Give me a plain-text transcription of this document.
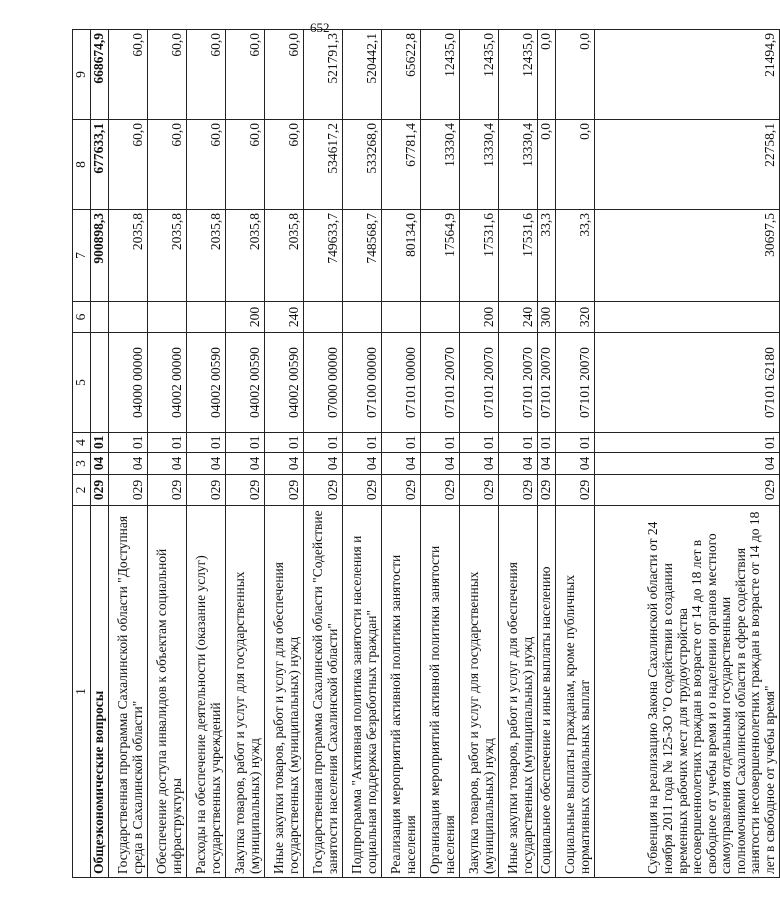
652
1	2	3	4	5	6	7	8	9
Общеэкономические вопросы	029	04	01			900898,3	677633,1	668674,9
Государственная программа Сахалинской области "Доступная среда в Сахалинской области"	029	04	01	04000 00000		2035,8	60,0	60,0
Обеспечение доступа инвалидов к объектам социальной инфраструктуры	029	04	01	04002 00000		2035,8	60,0	60,0
Расходы на обеспечение деятельности (оказание услуг) государственных учреждений	029	04	01	04002 00590		2035,8	60,0	60,0
Закупка товаров, работ и услуг для государственных (муниципальных) нужд	029	04	01	04002 00590	200	2035,8	60,0	60,0
Иные закупки товаров, работ и услуг для обеспечения государственных (муниципальных) нужд	029	04	01	04002 00590	240	2035,8	60,0	60,0
Государственная программа Сахалинской области "Содействие занятости населения Сахалинской области"	029	04	01	07000 00000		749633,7	534617,2	521791,3
Подпрограмма "Активная политика занятости населения и социальная поддержка безработных граждан"	029	04	01	07100 00000		748568,7	533268,0	520442,1
Реализация мероприятий активной политики занятости населения	029	04	01	07101 00000		80134,0	67781,4	65622,8
Организация мероприятий активной политики занятости населения	029	04	01	07101 20070		17564,9	13330,4	12435,0
Закупка товаров, работ и услуг для государственных (муниципальных) нужд	029	04	01	07101 20070	200	17531,6	13330,4	12435,0
Иные закупки товаров, работ и услуг для обеспечения государственных (муниципальных) нужд	029	04	01	07101 20070	240	17531,6	13330,4	12435,0
Социальное обеспечение и иные выплаты населению	029	04	01	07101 20070	300	33,3	0,0	0,0
Социальные выплаты гражданам, кроме публичных нормативных социальных выплат	029	04	01	07101 20070	320	33,3	0,0	0,0
Субвенция на реализацию Закона Сахалинской области от 24 ноября 2011 года № 125-ЗО "О содействии в создании временных рабочих мест для трудоустройства несовершеннолетних граждан в возрасте от 14 до 18 лет в свободное от учебы время и о наделении органов местного самоуправления отдельными государственными полномочиями Сахалинской области в сфере содействия занятости несовершеннолетних граждан в возрасте от 14 до 18 лет в свободное от учебы время"	029	04	01	07101 62180		30697,5	22758,1	21494,9
